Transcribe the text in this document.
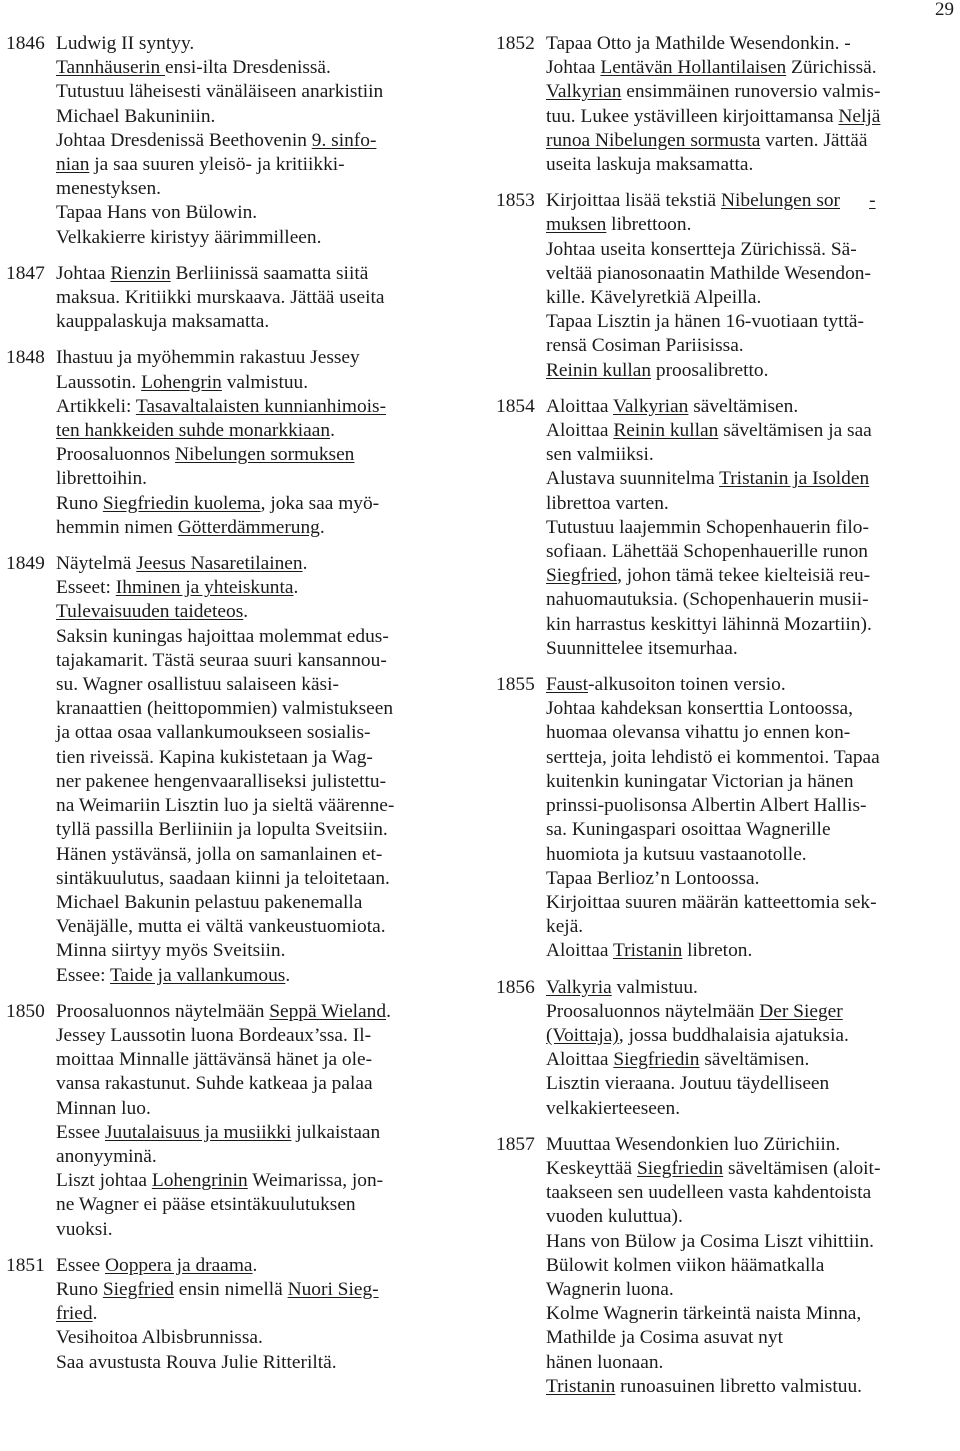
29
1846 Ludwig II syntyy.
Tannhäuserin ensi-ilta Dresdenissä.
Tutustuu läheisesti vänäläiseen anarkistiin
Michael Bakuniniin.
Johtaa Dresdenissä Beethovenin 9. sinfo-
nian ja saa suuren yleisö- ja kritiikki-
menestyksen.
Tapaa Hans von Bülowin.
Velkakierre kiristyy äärimmilleen.
1847 Johtaa Rienzin Berliinissä saamatta siitä
maksua. Kritiikki murskaava. Jättää useita
kauppalaskuja maksamatta.
1848 Ihastuu ja myöhemmin rakastuu Jessey
Laussotin. Lohengrin valmistuu.
Artikkeli: Tasavaltalaisten kunnianhimois-
ten hankkeiden suhde monarkkiaan.
Proosaluonnos Nibelungen sormuksen
librettoihin.
Runo Siegfriedin kuolema, joka saa myö-
hemmin nimen Götterdämmerung.
1849 Näytelmä Jeesus Nasaretilainen.
Esseet: Ihminen ja yhteiskunta.
Tulevaisuuden taideteos.
Saksin kuningas hajoittaa molemmat edus-
tajakamarit. Tästä seuraa suuri kansannou-
su. Wagner osallistuu salaiseen käsi-
kranaattien (heittopommien) valmistukseen
ja ottaa osaa vallankumoukseen sosialis-
tien riveissä. Kapina kukistetaan ja Wag-
ner pakenee hengenvaaralliseksi julistettu-
na Weimariin Lisztin luo ja sieltä väärenne-
tyllä passilla Berliiniin ja lopulta Sveitsiin.
Hänen ystävänsä, jolla on samanlainen et-
sintäkuulutus, saadaan kiinni ja teloitetaan.
Michael Bakunin pelastuu pakenemalla
Venäjälle, mutta ei vältä vankeustuomiota.
Minna siirtyy myös Sveitsiin.
Essee: Taide ja vallankumous.
1850 Proosaluonnos näytelmään Seppä Wieland.
Jessey Laussotin luona Bordeaux’ssa. Il-
moittaa Minnalle jättävänsä hänet ja ole-
vansa rakastunut. Suhde katkeaa ja palaa
Minnan luo.
Essee Juutalaisuus ja musiikki julkaistaan
anonyyminä.
Liszt johtaa Lohengrinin Weimarissa, jon-
ne Wagner ei pääse etsintäkuulutuksen
vuoksi.
1851 Essee Ooppera ja draama.
Runo Siegfried ensin nimellä Nuori Sieg-
fried.
Vesihoitoa Albisbrunnissa.
Saa avustusta Rouva Julie Ritteriltä.
1852 Tapaa Otto ja Mathilde Wesendonkin. -
Johtaa Lentävän Hollantilaisen Zürichissä.
Valkyrian ensimmäinen runoversio valmis-
tuu. Lukee ystävilleen kirjoittamansa Neljä
runoa Nibelungen sormusta varten. Jättää
useita laskuja maksamatta.
1853 Kirjoittaa lisää tekstiä Nibelungen sor -
muksen librettoon.
Johtaa useita konsertteja Zürichissä. Sä-
veltää pianosonaatin Mathilde Wesendon-
kille. Kävelyretkiä Alpeilla.
Tapaa Lisztin ja hänen 16-vuotiaan tyttä-
rensä Cosiman Pariisissa.
Reinin kullan proosalibretto.
1854 Aloittaa Valkyrian säveltämisen.
Aloittaa Reinin kullan säveltämisen ja saa
sen valmiiksi.
Alustava suunnitelma Tristanin ja Isolden
librettoa varten.
Tutustuu laajemmin Schopenhauerin filo-
sofiaan. Lähettää Schopenhauerille runon
Siegfried, johon tämä tekee kielteisiä reu-
nahuomautuksia. (Schopenhauerin musii-
kin harrastus keskittyi lähinnä Mozartiin).
Suunnittelee itsemurhaa.
1855 Faust-alkusoiton toinen versio.
Johtaa kahdeksan konserttia Lontoossa,
huomaa olevansa vihattu jo ennen kon-
sertteja, joita lehdistö ei kommentoi. Tapaa
kuitenkin kuningatar Victorian ja hänen
prinssi-puolisonsa Albertin Albert Hallis-
sa. Kuningaspari osoittaa Wagnerille
huomiota ja kutsuu vastaanotolle.
Tapaa Berlioz’n Lontoossa.
Kirjoittaa suuren määrän katteettomia sek-
kejä.
Aloittaa Tristanin libreton.
1856 Valkyria valmistuu.
Proosaluonnos näytelmään Der Sieger
(Voittaja), jossa buddhalaisia ajatuksia.
Aloittaa Siegfriedin säveltämisen.
Lisztin vieraana. Joutuu täydelliseen
velkakierteeseen.
1857 Muuttaa Wesendonkien luo Zürichiin.
Keskeyttää Siegfriedin säveltämisen (aloit-
taakseen sen uudelleen vasta kahdentoista
vuoden kuluttua).
Hans von Bülow ja Cosima Liszt vihittiin.
Bülowit kolmen viikon häämatkalla
Wagnerin luona.
Kolme Wagnerin tärkeintä naista Minna,
Mathilde ja Cosima asuvat nyt
hänen luonaan.
Tristanin runoasuinen libretto valmistuu.
